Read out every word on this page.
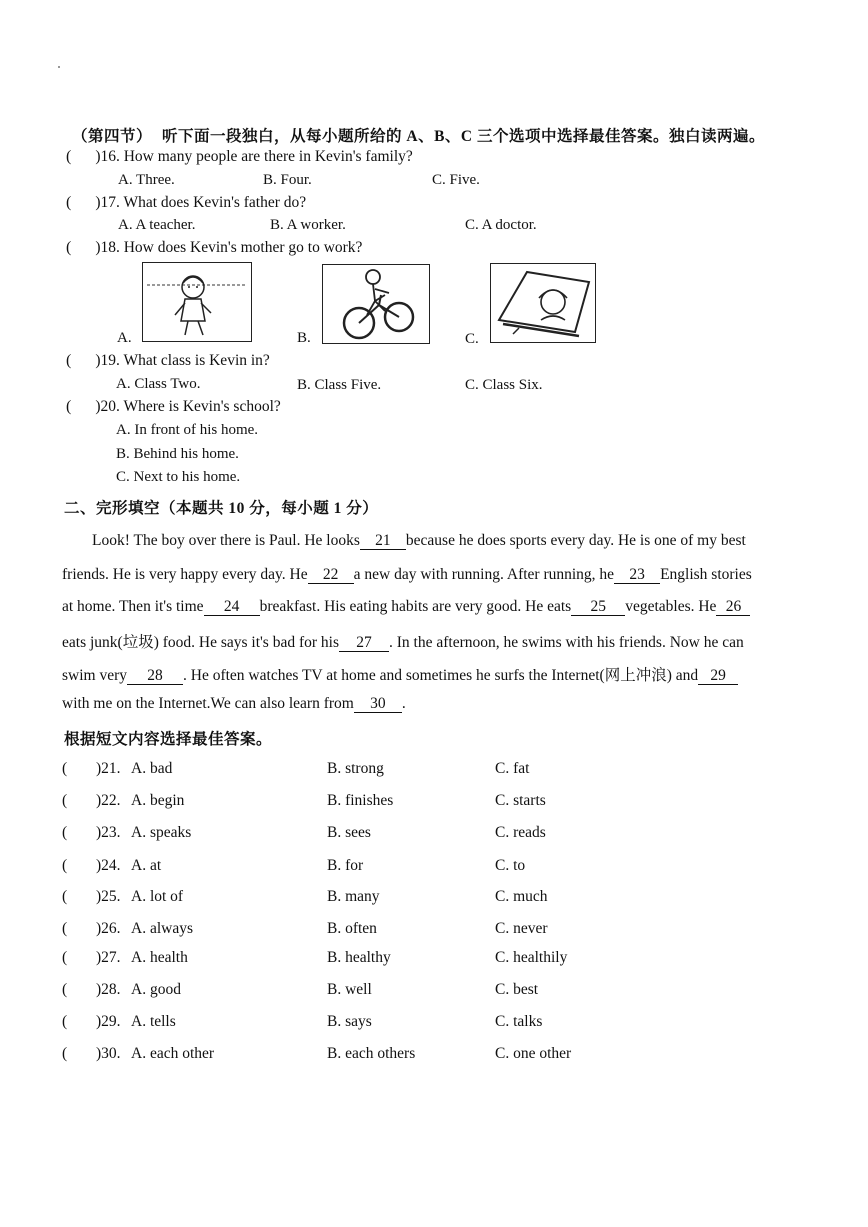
（第四节） 听下面一段独白，从每小题所给的 A、B、C 三个选项中选择最佳答案。独白读两遍。
( )16. How many people are there in Kevin's family?
A. Three.	B. Four.	C. Five.
( )17. What does Kevin's father do?
A. A teacher.	B. A worker.	C. A doctor.
( )18. How does Kevin's mother go to work?
A.	B.	C.
( )19. What class is Kevin in?
A. Class Two.	B. Class Five.	C. Class Six.
( )20. Where is Kevin's school?
A. In front of his home.
B. Behind his home.
C. Next to his home.
二、完形填空（本题共 10 分，每小题 1 分）
Look! The boy over there is Paul. He looks 21 because he does sports every day. He is one of my best
friends. He is very happy every day. He 22 a new day with running. After running, he 23 English stories
at home. Then it's time 24 breakfast. His eating habits are very good. He eats 25 vegetables. He 26
eats junk(垃圾) food. He says it's bad for his 27 . In the afternoon, he swims with his friends. Now he can
swim very 28 . He often watches TV at home and sometimes he surfs the Internet(网上冲浪) and 29
with me on the Internet.We can also learn from 30 .
根据短文内容选择最佳答案。
( )21. A. bad	B. strong	C. fat
( )22. A. begin	B. finishes	C. starts
( )23. A. speaks	B. sees	C. reads
( )24. A. at	B. for	C. to
( )25. A. lot of	B. many	C. much
( )26. A. always	B. often	C. never
( )27. A. health	B. healthy	C. healthily
( )28. A. good	B. well	C. best
( )29. A. tells	B. says	C. talks
( )30. A. each other	B. each others	C. one other
